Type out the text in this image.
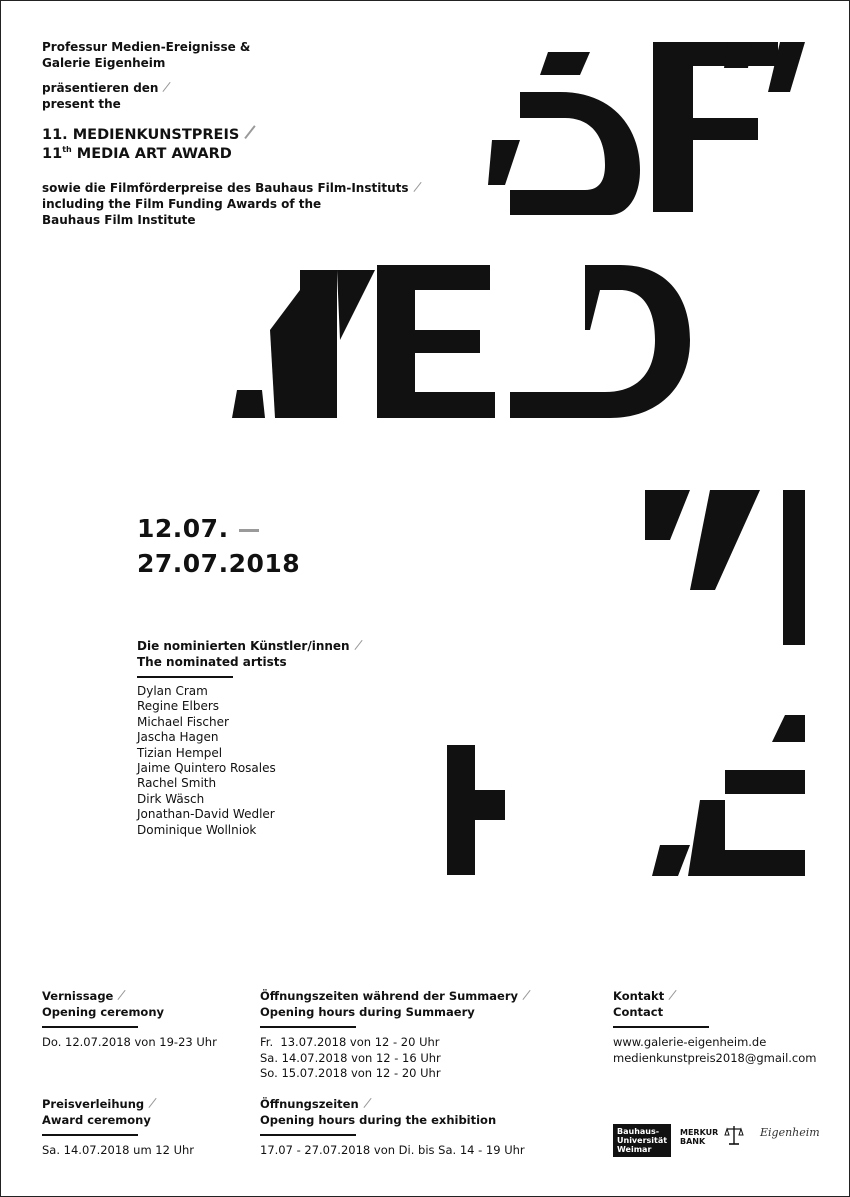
Professur Medien-Ereignisse &
Galerie Eigenheim
präsentieren den
present the
11. MEDIENKUNSTPREIS
11th MEDIA ART AWARD
sowie die Filmförderpreise des Bauhaus Film-Instituts
including the Film Funding Awards of the
Bauhaus Film Institute
12.07.
27.07.2018
Die nominierten Künstler/innen
The nominated artists
Dylan Cram
Regine Elbers
Michael Fischer
Jascha Hagen
Tizian Hempel
Jaime Quintero Rosales
Rachel Smith
Dirk Wäsch
Jonathan-David Wedler
Dominique Wollniok
Vernissage
Opening ceremony
Do. 12.07.2018 von 19-23 Uhr
Preisverleihung
Award ceremony
Sa. 14.07.2018 um 12 Uhr
Öffnungszeiten während der Summaery
Opening hours during Summaery
Fr.  13.07.2018 von 12 - 20 Uhr
Sa. 14.07.2018 von 12 - 16 Uhr
So. 15.07.2018 von 12 - 20 Uhr
Öffnungszeiten
Opening hours during the exhibition
17.07 - 27.07.2018 von Di. bis Sa. 14 - 19 Uhr
Kontakt
Contact
www.galerie-eigenheim.de
medienkunstpreis2018@gmail.com
Bauhaus-
Universität
Weimar
MERKUR
BANK
Eigenheim
